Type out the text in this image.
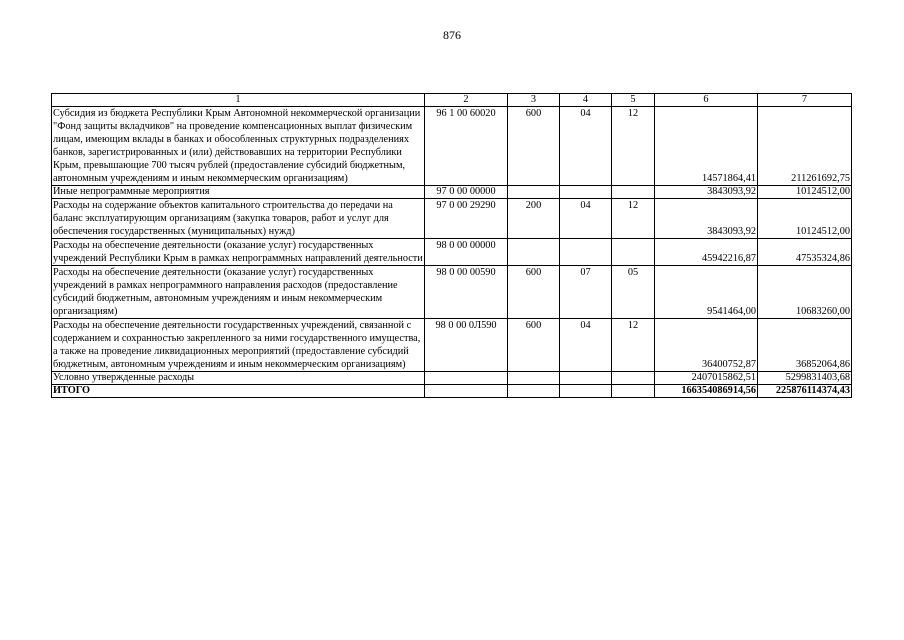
876
1	2	3	4	5	6	7
Субсидия из бюджета Республики Крым Автономной некоммерческой организации "Фонд защиты вкладчиков" на проведение компенсационных выплат физическим лицам, имеющим вклады в банках и обособленных структурных подразделениях банков, зарегистрированных и (или) действовавших на территории Республики Крым, превышающие 700 тысяч рублей (предоставление субсидий бюджетным, автономным учреждениям и иным некоммерческим организациям)	96 1 00 60020	600	04	12	14571864,41	211261692,75
Иные непрограммные мероприятия	97 0 00 00000				3843093,92	10124512,00
Расходы на содержание объектов капитального строительства до передачи на баланс эксплуатирующим организациям (закупка товаров, работ и услуг для обеспечения государственных (муниципальных) нужд)	97 0 00 29290	200	04	12	3843093,92	10124512,00
Расходы на обеспечение деятельности (оказание услуг) государственных учреждений Республики Крым в рамках непрограммных направлений деятельности	98 0 00 00000				45942216,87	47535324,86
Расходы на обеспечение деятельности (оказание услуг) государственных учреждений в рамках непрограммного направления расходов (предоставление субсидий бюджетным, автономным учреждениям и иным некоммерческим организациям)	98 0 00 00590	600	07	05	9541464,00	10683260,00
Расходы на обеспечение деятельности государственных учреждений, связанной с содержанием и сохранностью закрепленного за ними государственного имущества, а также на проведение ликвидационных мероприятий (предоставление субсидий бюджетным, автономным учреждениям и иным некоммерческим организациям)	98 0 00 0Л590	600	04	12	36400752,87	36852064,86
Условно утвержденные расходы					2407015862,51	5299831403,68
ИТОГО					166354086914,56	225876114374,43
